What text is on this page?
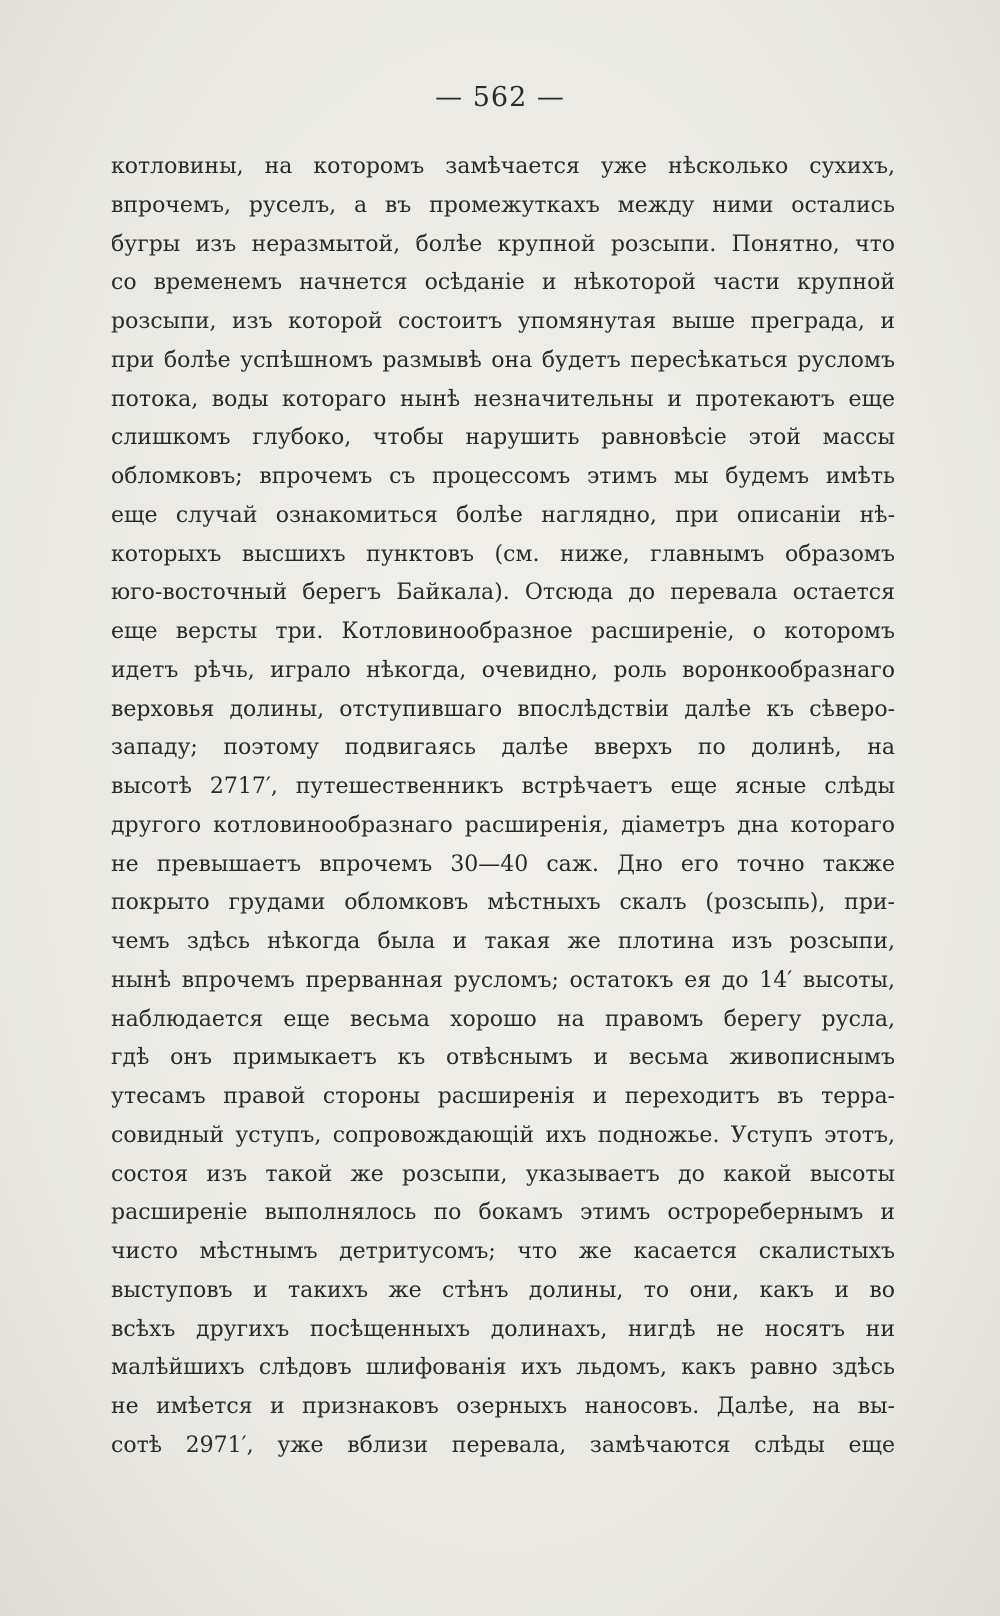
— 562 —
котловины, на которомъ замѣчается уже нѣсколько сухихъ,
впрочемъ, руселъ, а въ промежуткахъ между ними остались
бугры изъ неразмытой, болѣе крупной розсыпи. Понятно, что
со временемъ начнется осѣданіе и нѣкоторой части крупной
розсыпи, изъ которой состоитъ упомянутая выше преграда, и
при болѣе успѣшномъ размывѣ она будетъ пересѣкаться русломъ
потока, воды котораго нынѣ незначительны и протекаютъ еще
слишкомъ глубоко, чтобы нарушить равновѣсіе этой массы
обломковъ; впрочемъ съ процессомъ этимъ мы будемъ имѣть
еще случай ознакомиться болѣе наглядно, при описаніи нѣ-
которыхъ высшихъ пунктовъ (см. ниже, главнымъ образомъ
юго-восточный берегъ Байкала). Отсюда до перевала остается
еще версты три. Котловинообразное расширеніе, о которомъ
идетъ рѣчь, играло нѣкогда, очевидно, роль воронкообразнаго
верховья долины, отступившаго впослѣдствіи далѣе къ сѣверо-
западу; поэтому подвигаясь далѣе вверхъ по долинѣ, на
высотѣ 2717′, путешественникъ встрѣчаетъ еще ясные слѣды
другого котловинообразнаго расширенія, діаметръ дна котораго
не превышаетъ впрочемъ 30—40 саж. Дно его точно также
покрыто грудами обломковъ мѣстныхъ скалъ (розсыпь), при-
чемъ здѣсь нѣкогда была и такая же плотина изъ розсыпи,
нынѣ впрочемъ прерванная русломъ; остатокъ ея до 14′ высоты,
наблюдается еще весьма хорошо на правомъ берегу русла,
гдѣ онъ примыкаетъ къ отвѣснымъ и весьма живописнымъ
утесамъ правой стороны расширенія и переходитъ въ терра-
совидный уступъ, сопровождающій ихъ подножье. Уступъ этотъ,
состоя изъ такой же розсыпи, указываетъ до какой высоты
расширеніе выполнялось по бокамъ этимъ остроребернымъ и
чисто мѣстнымъ детритусомъ; что же касается скалистыхъ
выступовъ и такихъ же стѣнъ долины, то они, какъ и во
всѣхъ другихъ посѣщенныхъ долинахъ, нигдѣ не носятъ ни
малѣйшихъ слѣдовъ шлифованія ихъ льдомъ, какъ равно здѣсь
не имѣется и признаковъ озерныхъ наносовъ. Далѣе, на вы-
сотѣ 2971′, уже вблизи перевала, замѣчаются слѣды еще
